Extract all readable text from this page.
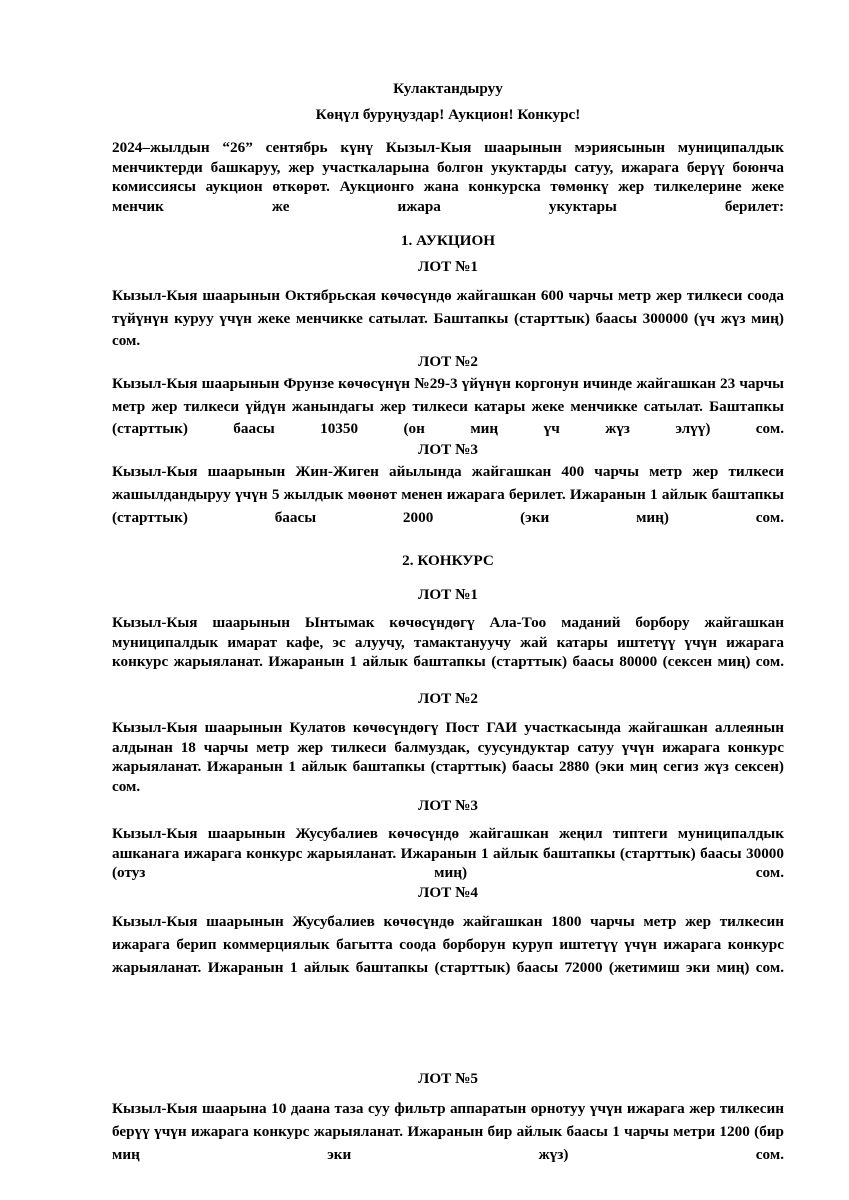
Кулактандыруу
Көңүл буруңуздар! Аукцион! Конкурс!
2024–жылдын “26” сентябрь күнү Кызыл-Кыя шаарынын мэриясынын муниципалдык менчиктерди башкаруу, жер участкаларына болгон укуктарды сатуу, ижарага берүү боюнча комиссиясы аукцион өткөрөт. Аукционго жана конкурска төмөнкү жер тилкелерине жеке менчик же ижара укуктары берилет:
1. АУКЦИОН
ЛОТ №1
Кызыл-Кыя шаарынын Октябрьская көчөсүндө жайгашкан 600 чарчы метр жер тилкеси соода түйүнүн куруу үчүн жеке менчикке сатылат. Баштапкы (старттык) баасы 300000 (үч жүз миң) сом.
ЛОТ №2
Кызыл-Кыя шаарынын Фрунзе көчөсүнүн №29-3 үйүнүн коргонун ичинде жайгашкан 23 чарчы метр жер тилкеси үйдүн жанындагы жер тилкеси катары жеке менчикке сатылат. Баштапкы (старттык) баасы 10350 (он миң үч жүз элүү) сом.
ЛОТ №3
Кызыл-Кыя шаарынын Жин-Жиген айылында жайгашкан 400 чарчы метр жер тилкеси жашылдандыруу үчүн 5 жылдык мөөнөт менен ижарага берилет. Ижаранын 1 айлык баштапкы (старттык) баасы 2000 (эки миң) сом.
2. КОНКУРС
ЛОТ №1
Кызыл-Кыя шаарынын Ынтымак көчөсүндөгү Ала-Тоо маданий борбору жайгашкан муниципалдык имарат кафе, эс алуучу, тамактануучу жай катары иштетүү үчүн ижарага конкурс жарыяланат. Ижаранын 1 айлык баштапкы (старттык) баасы 80000 (сексен миң) сом.
ЛОТ №2
Кызыл-Кыя шаарынын Кулатов көчөсүндөгү Пост ГАИ участкасында жайгашкан аллеянын алдынан 18 чарчы метр жер тилкеси балмуздак, суусундуктар сатуу үчүн ижарага конкурс жарыяланат. Ижаранын 1 айлык баштапкы (старттык) баасы 2880 (эки миң сегиз жүз сексен) сом.
ЛОТ №3
Кызыл-Кыя шаарынын Жусубалиев көчөсүндө жайгашкан жеңил типтеги муниципалдык ашканага ижарага конкурс жарыяланат. Ижаранын 1 айлык баштапкы (старттык) баасы 30000 (отуз миң) сом.
ЛОТ №4
Кызыл-Кыя шаарынын Жусубалиев көчөсүндө жайгашкан 1800 чарчы метр жер тилкесин ижарага берип коммерциялык багытта соода борборун куруп иштетүү үчүн ижарага конкурс жарыяланат. Ижаранын 1 айлык баштапкы (старттык) баасы 72000 (жетимиш эки миң) сом.
ЛОТ №5
Кызыл-Кыя шаарына 10 даана таза суу фильтр аппаратын орнотуу үчүн ижарага жер тилкесин берүү үчүн ижарага конкурс жарыяланат. Ижаранын бир айлык баасы 1 чарчы метри 1200 (бир миң эки жүз) сом.
